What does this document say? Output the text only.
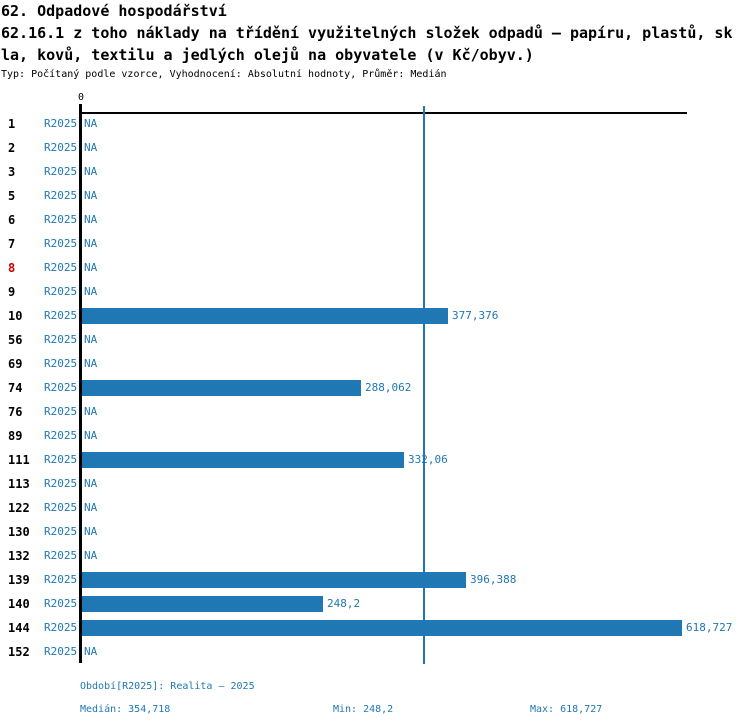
62. Odpadové hospodářství
62.16.1 z toho náklady na třídění využitelných složek odpadů – papíru, plastů, sk
la, kovů, textilu a jedlých olejů na obyvatele (v Kč/obyv.)
Typ: Počítaný podle vzorce, Vyhodnocení: Absolutní hodnoty, Průměr: Medián
0
1	R2025 NA
2	R2025 NA
3	R2025 NA
5	R2025 NA
6	R2025 NA
7	R2025 NA
8	R2025 NA
9	R2025 NA
10 R2025	377,376
56 R2025 NA
69 R2025 NA
74 R2025	288,062
76 R2025 NA
89 R2025 NA
111 R2025	332,06
113 R2025 NA
122 R2025 NA
130 R2025 NA
132 R2025 NA
139 R2025	396,388
140 R2025	248,2
144 R2025	618,727
152 R2025 NA
Období[R2025]: Realita – 2025
Medián: 354,718	Min: 248,2	Max: 618,727
